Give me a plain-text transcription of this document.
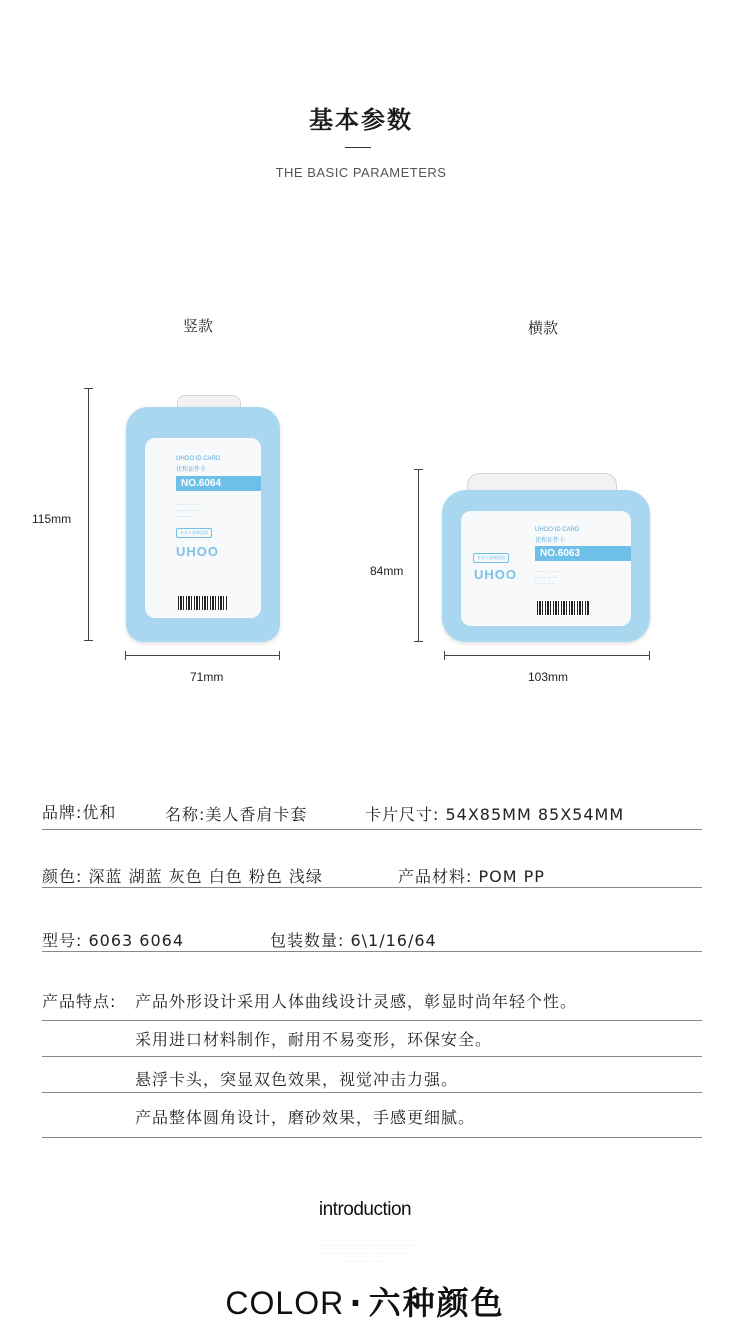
基本参数
THE BASIC PARAMETERS
竖款	横款
115mm
71mm
UHOO ID CARD
优和证件卡
NO.6064
······· ···· ·····
······ ······· ···
········ ······
专业卡套制造商
UHOO
84mm
103mm
UHOO ID CARD
优和证件卡
NO.6063
专业卡套制造商
UHOO	······· ···· ·····
······ ······· ···
········ ······
品牌:优和	名称:美人香肩卡套	卡片尺寸: 54X85MM 85X54MM
颜色: 深蓝 湖蓝 灰色 白色 粉色 浅绿	产品材料: POM PP
型号: 6063 6064	包装数量: 6\1/16/64
产品特点: 产品外形设计采用人体曲线设计灵感，彰显时尚年轻个性。
采用进口材料制作，耐用不易变形，环保安全。
悬浮卡头，突显双色效果，视觉冲击力强。
产品整体圆角设计，磨砂效果，手感更细腻。
introduction
· · · · · · · · · · · · · · · · · · · · · · · · · · · · · · · · · · · · · · · ·
· · · · · · · · · · · · · · · · · · · · · · · · · · · · · · · · · · · · ·
· · · · · · · · · · · · · · · · · · ·
COLOR · 六种颜色
